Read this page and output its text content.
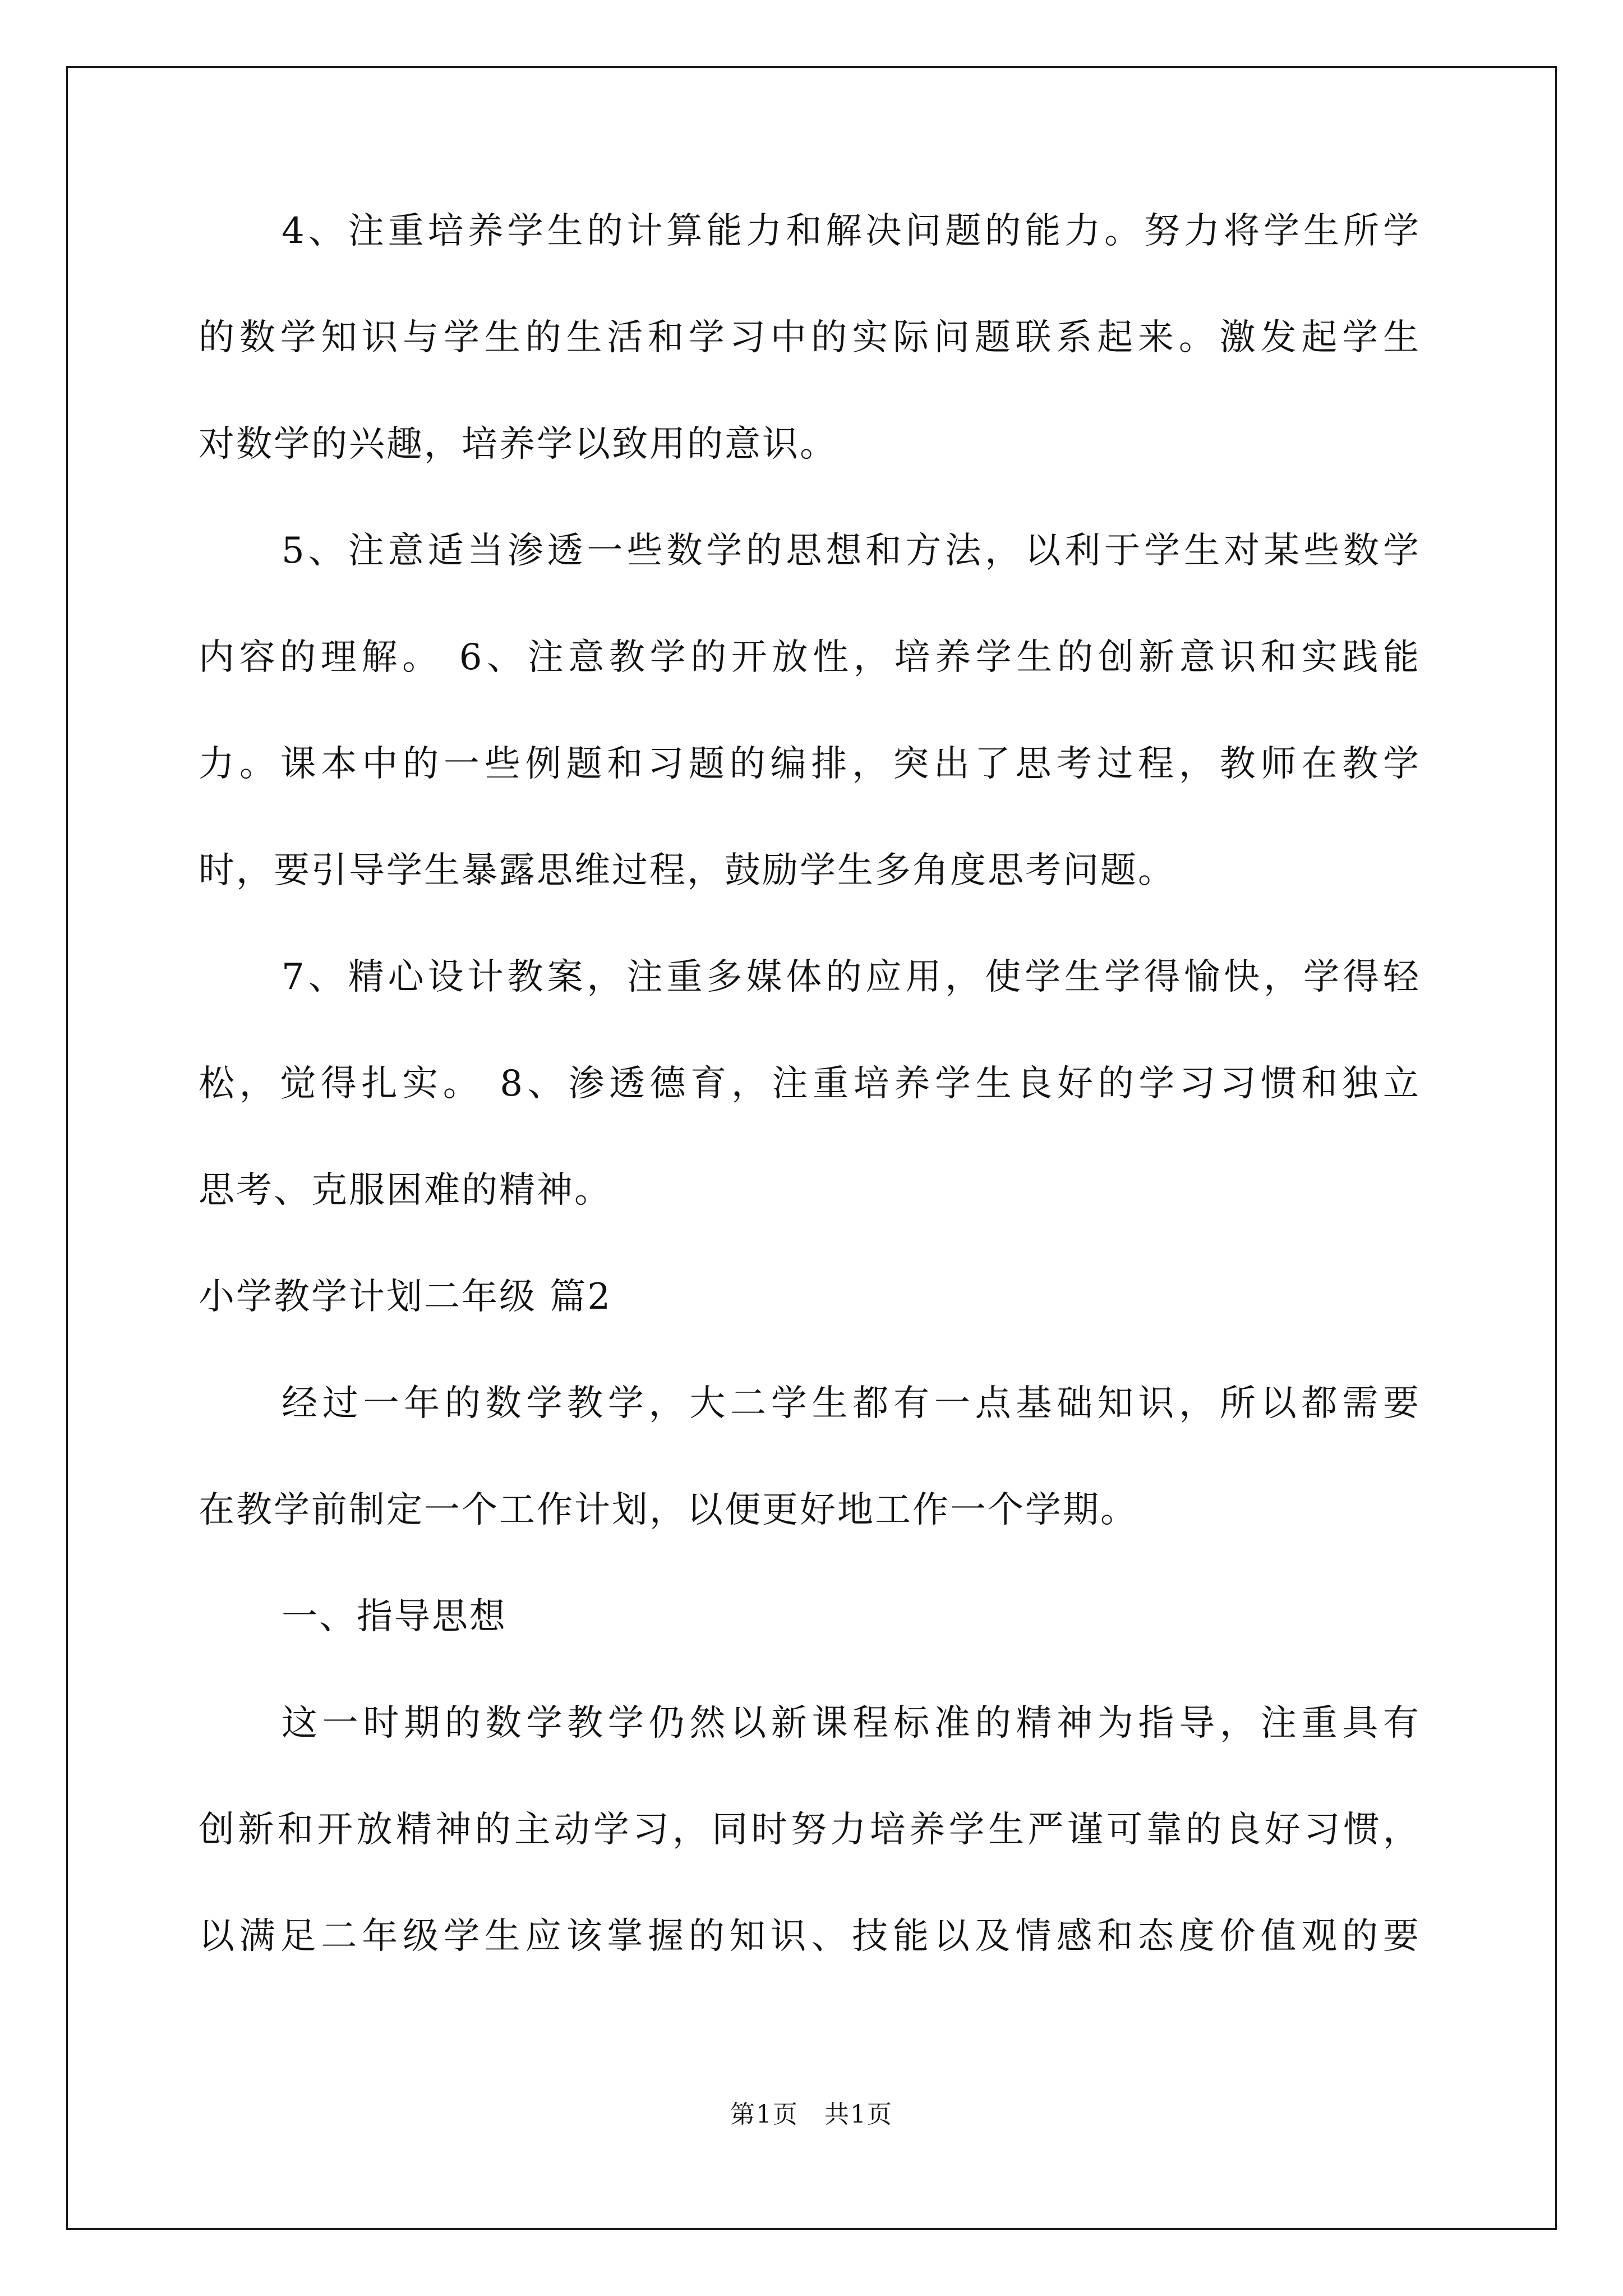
4、注重培养学生的计算能力和解决问题的能力。努力将学生所学
的数学知识与学生的生活和学习中的实际问题联系起来。激发起学生
对数学的兴趣，培养学以致用的意识。
5、注意适当渗透一些数学的思想和方法，以利于学生对某些数学
内容的理解。 6、注意教学的开放性，培养学生的创新意识和实践能
力。课本中的一些例题和习题的编排，突出了思考过程，教师在教学
时，要引导学生暴露思维过程，鼓励学生多角度思考问题。
7、精心设计教案，注重多媒体的应用，使学生学得愉快，学得轻
松，觉得扎实。 8、渗透德育，注重培养学生良好的学习习惯和独立
思考、克服困难的精神。
小学教学计划二年级 篇2
经过一年的数学教学，大二学生都有一点基础知识，所以都需要
在教学前制定一个工作计划，以便更好地工作一个学期。
一、指导思想
这一时期的数学教学仍然以新课程标准的精神为指导，注重具有
创新和开放精神的主动学习，同时努力培养学生严谨可靠的良好习惯，
以满足二年级学生应该掌握的知识、技能以及情感和态度价值观的要
第1页　共1页
